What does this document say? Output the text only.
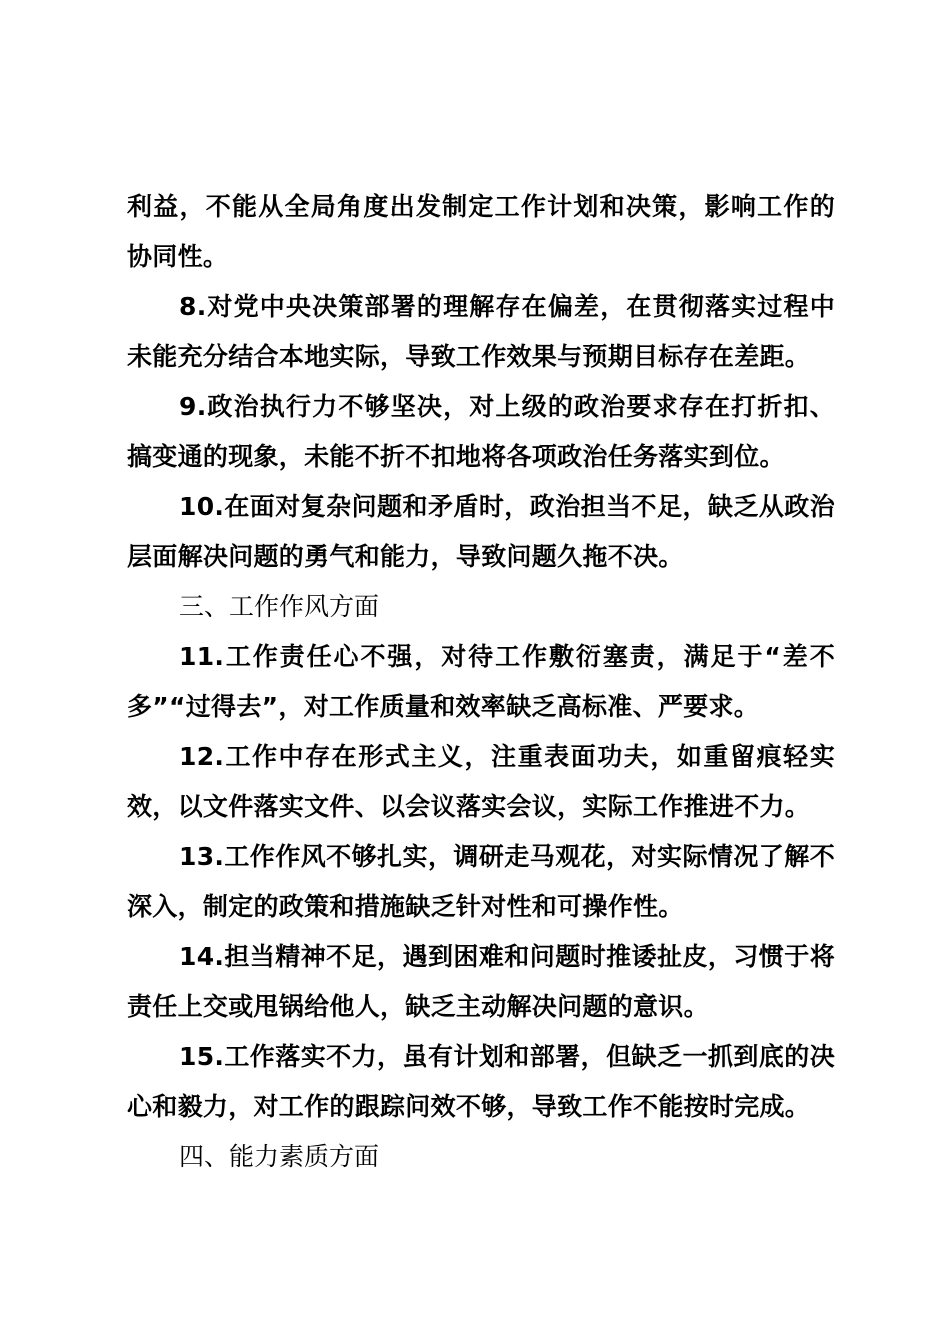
利益，不能从全局角度出发制定工作计划和决策，影响工作的协同性。

8.对党中央决策部署的理解存在偏差，在贯彻落实过程中未能充分结合本地实际，导致工作效果与预期目标存在差距。

9.政治执行力不够坚决，对上级的政治要求存在打折扣、搞变通的现象，未能不折不扣地将各项政治任务落实到位。

10.在面对复杂问题和矛盾时，政治担当不足，缺乏从政治层面解决问题的勇气和能力，导致问题久拖不决。

三、工作作风方面

11.工作责任心不强，对待工作敷衍塞责，满足于“差不多”“过得去”，对工作质量和效率缺乏高标准、严要求。

12.工作中存在形式主义，注重表面功夫，如重留痕轻实效，以文件落实文件、以会议落实会议，实际工作推进不力。

13.工作作风不够扎实，调研走马观花，对实际情况了解不深入，制定的政策和措施缺乏针对性和可操作性。

14.担当精神不足，遇到困难和问题时推诿扯皮，习惯于将责任上交或甩锅给他人，缺乏主动解决问题的意识。

15.工作落实不力，虽有计划和部署，但缺乏一抓到底的决心和毅力，对工作的跟踪问效不够，导致工作不能按时完成。

四、能力素质方面
